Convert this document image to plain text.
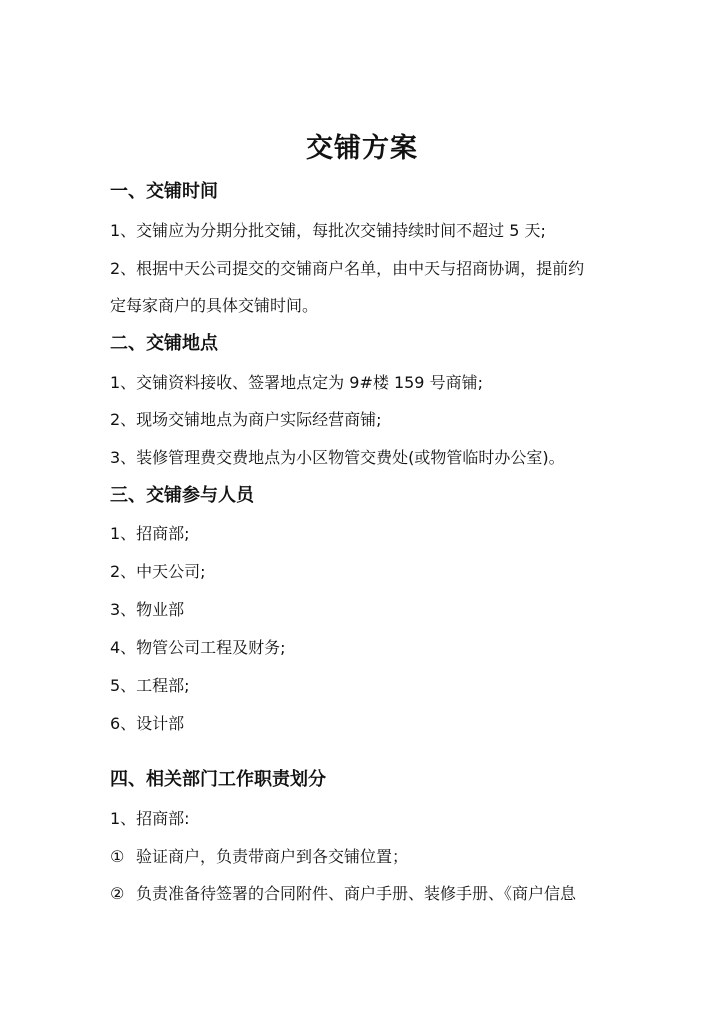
交铺方案
一、交铺时间
1、交铺应为分期分批交铺，每批次交铺持续时间不超过 5 天;
2、根据中天公司提交的交铺商户名单，由中天与招商协调，提前约
定每家商户的具体交铺时间。
二、交铺地点
1、交铺资料接收、签署地点定为 9#楼 159 号商铺;
2、现场交铺地点为商户实际经营商铺;
3、装修管理费交费地点为小区物管交费处(或物管临时办公室)。
三、交铺参与人员
1、招商部;
2、中天公司;
3、物业部
4、物管公司工程及财务;
5、工程部;
6、设计部
四、相关部门工作职责划分
1、招商部:
① 验证商户，负责带商户到各交铺位置；
② 负责准备待签署的合同附件、商户手册、装修手册、《商户信息
